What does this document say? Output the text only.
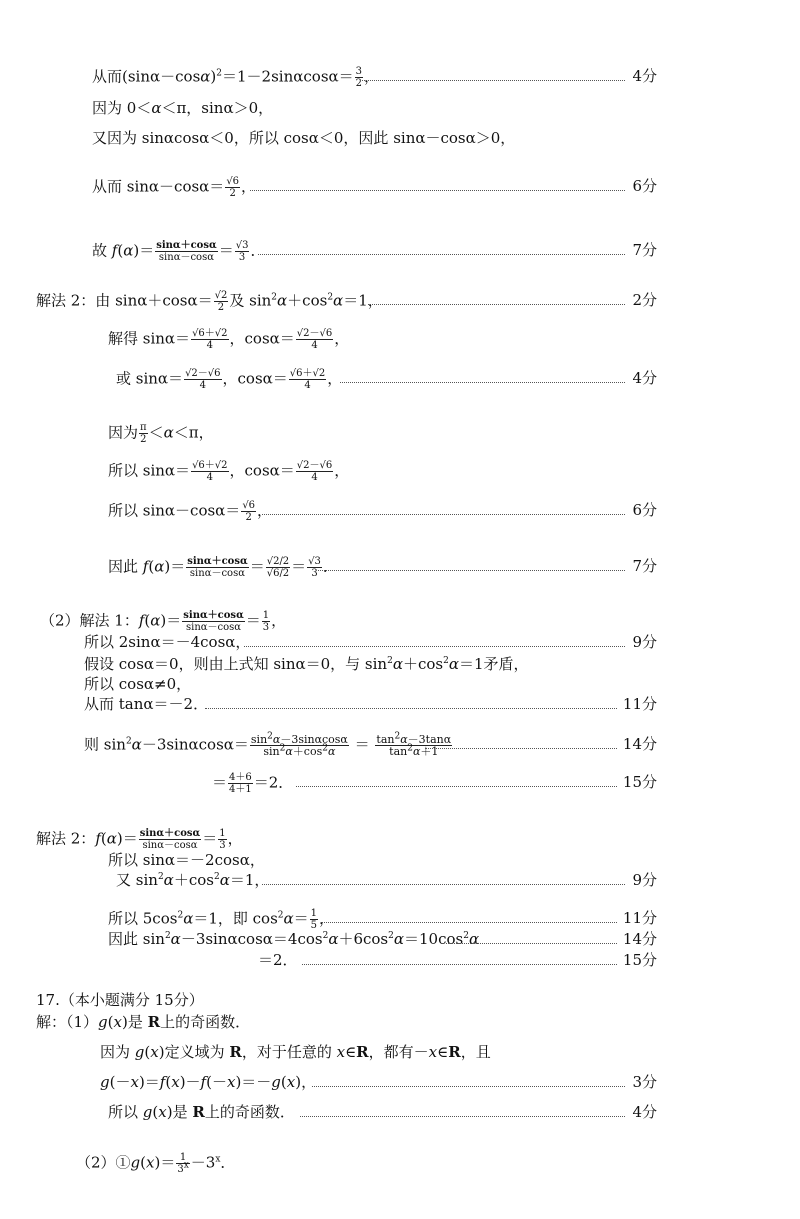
从而$(\sin\alpha-\cos\alpha)^2=1-2\sin\alpha\cos\alpha= \frac{3}{2}$ ，	4分
因为 0＜α＜π，sinα＞0，
又因为 sinαcosα＜0，所以 cosα＜0，因此 sinα－cosα＞0，
从而 $\sin\alpha-\cos\alpha= \frac{√6}{2}$ ，	6分
故 $f(\alpha)= \frac{\sin\alpha+\cos\alpha}{\sin\alpha-\cos\alpha} = \frac{√3}{3}$ ．	7分
解法 2：由 $\sin\alpha+\cos\alpha= \frac{√2}{2}$ 及 $\sin^2\alpha+\cos^2\alpha=1$，	2分
解得 $\sin\alpha= \frac{√6+√2}{4}$ ，$\cos\alpha= \frac{√2-√6}{4}$ ，
或 $\sin\alpha= \frac{√2-√6}{4}$ ，$\cos\alpha= \frac{√6+√2}{4}$ ，	4分
因为 $\frac{\pi}{2} <\alpha<\pi$，
所以 $\sin\alpha= \frac{√6+√2}{4}$ ，$\cos\alpha= \frac{√2-√6}{4}$ ，
所以 $\sin\alpha-\cos\alpha= \frac{√6}{2}$ ，	6分
因此 $f(\alpha)= \frac{\sin\alpha+\cos\alpha}{\sin\alpha-\cos\alpha} = \frac{√2/2}{√6/2} = \frac{√3}{3}$ ．	7分
（2）解法 1：$f(\alpha)= \frac{\sin\alpha+\cos\alpha}{\sin\alpha-\cos\alpha} = \frac{1}{3}$ ，
所以 2sinα＝－4cosα，	9分
假设 cosα＝0，则由上式知 sinα＝0，与 $\sin^2\alpha+\cos^2\alpha=1$矛盾，
所以 cosα≠0，
从而 tanα＝－2．	11分
则 $\sin^2\alpha-3\sin\alpha\cos\alpha= \frac{\sin^2\alpha-3\sin\alpha\cos\alpha}{\sin^2\alpha+\cos^2\alpha} = \frac{\tan^2\alpha-3\tan\alpha}{\tan^2\alpha+1}$	14分
＝ $\frac{4+6}{4+1} =2$．	15分
解法 2：$f(\alpha)= \frac{\sin\alpha+\cos\alpha}{\sin\alpha-\cos\alpha} = \frac{1}{3}$ ，
所以 sinα＝－2cosα，
又 $\sin^2\alpha+\cos^2\alpha=1$，	9分
所以 $5\cos^2\alpha=1$，即 $\cos^2\alpha= \frac{1}{5}$ ，	11分
因此 $\sin^2\alpha-3\sin\alpha\cos\alpha=4\cos^2\alpha+6\cos^2\alpha=10\cos^2\alpha$	14分
＝2．	15分
17.（本小题满分 15分）
解：（1）g(x)是 R上的奇函数．
因为 g(x)定义域为 R，对于任意的 x∈R，都有－x∈R，且
g(－x)＝f(x)－f(－x)＝－g(x)，	3分
所以 g(x)是 R上的奇函数．	4分
（2）①g(x)＝ $\frac{1}{3x} -3^x$．
